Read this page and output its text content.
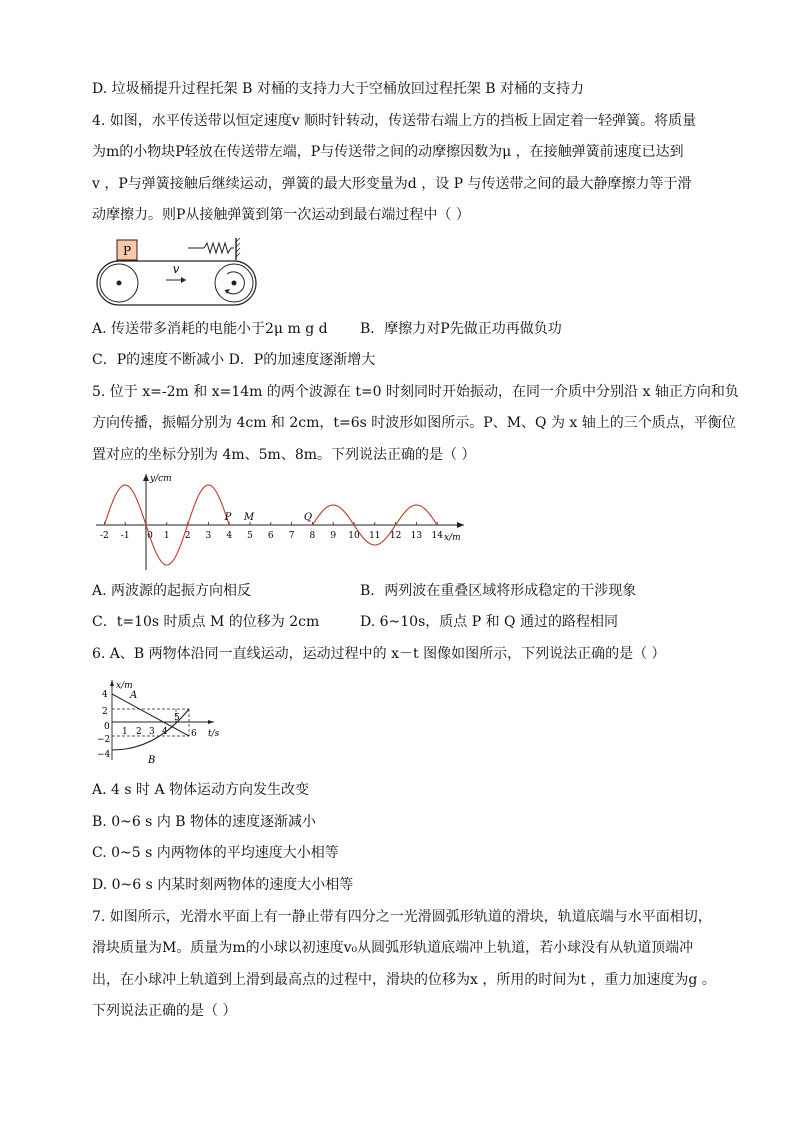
D. 垃圾桶提升过程托架 B 对桶的支持力大于空桶放回过程托架 B 对桶的支持力
4. 如图，水平传送带以恒定速度v 顺时针转动，传送带右端上方的挡板上固定着一轻弹簧。将质量
为m的小物块P轻放在传送带左端，P与传送带之间的动摩擦因数为μ ，在接触弹簧前速度已达到
v ，P与弹簧接触后继续运动，弹簧的最大形变量为d ，设 P 与传送带之间的最大静摩擦力等于滑
动摩擦力。则P从接触弹簧到第一次运动到最右端过程中（ ）
P
v
A. 传送带多消耗的电能小于2μ m g d B．摩擦力对P先做正功再做负功
C．P的速度不断减小 D．P的加速度逐渐增大
5. 位于 x=-2m 和 x=14m 的两个波源在 t=0 时刻同时开始振动，在同一介质中分别沿 x 轴正方向和负
方向传播，振幅分别为 4cm 和 2cm，t=6s 时波形如图所示。P、M、Q 为 x 轴上的三个质点，平衡位
置对应的坐标分别为 4m、5m、8m。下列说法正确的是（ ）
y/cm
x/m
-2 -1 0 1 2 3 4 5 6 7 8 9 10 11 12 13 14
P M	Q
A. 两波源的起振方向相反	B．两列波在重叠区域将形成稳定的干涉现象
C．t=10s 时质点 M 的位移为 2cm	D. 6~10s，质点 P 和 Q 通过的路程相同
6. A、B 两物体沿同一直线运动，运动过程中的 x－t 图像如图所示，下列说法正确的是（ ）
x/m
t/s
4
2
0
−2
−4
1 2 3 4
5
6
A
B
A. 4 s 时 A 物体运动方向发生改变
B. 0~6 s 内 B 物体的速度逐渐减小
C. 0~5 s 内两物体的平均速度大小相等
D. 0~6 s 内某时刻两物体的速度大小相等
7. 如图所示，光滑水平面上有一静止带有四分之一光滑圆弧形轨道的滑块，轨道底端与水平面相切，
滑块质量为M。质量为m的小球以初速度v₀从圆弧形轨道底端冲上轨道，若小球没有从轨道顶端冲
出，在小球冲上轨道到上滑到最高点的过程中，滑块的位移为x ，所用的时间为t ，重力加速度为g 。
下列说法正确的是（ ）
